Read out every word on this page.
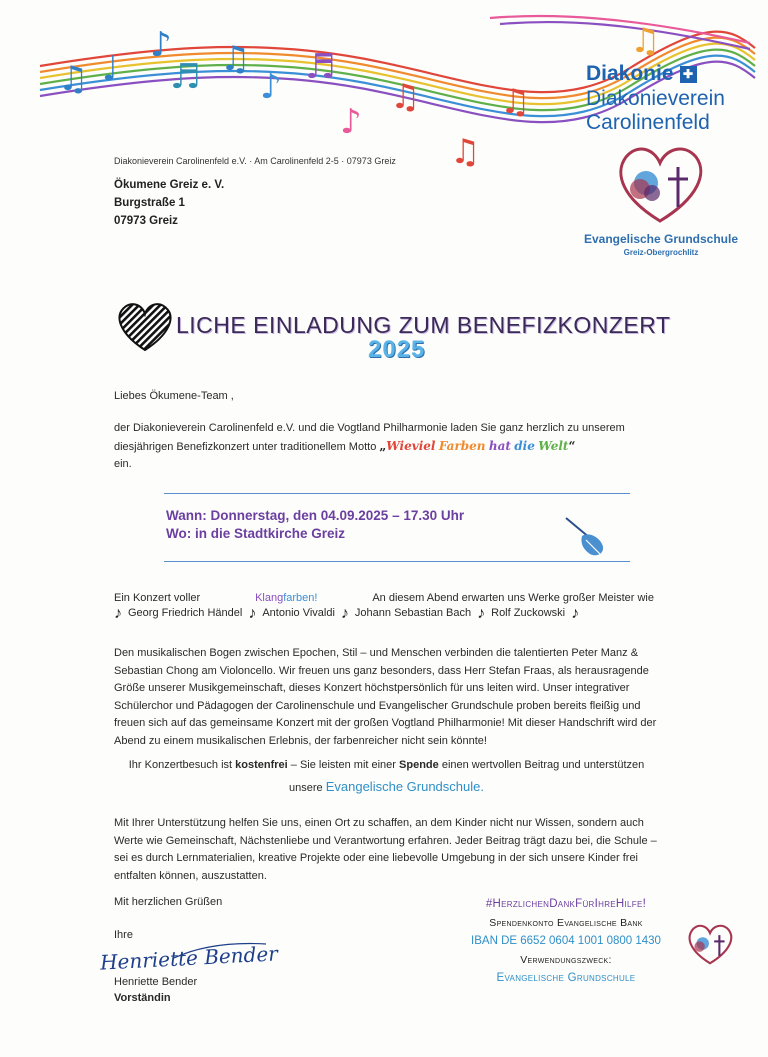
♫ ♩
♪
♬ ♫
♪ ♬
♪
♫
♫
♫
♫
Diakonie ✚
Diakonieverein
Carolinenfeld
Diakonieverein Carolinenfeld e.V. · Am Carolinenfeld 2-5 · 07973 Greiz
Evangelische Grundschule
Greiz-Obergrochlitz
Ökumene Greiz e. V.
Burgstraße 1
07973 Greiz
LICHE EINLADUNG ZUM BENEFIZKONZERT
2025
Liebes Ökumene-Team ,
der Diakonieverein Carolinenfeld e.V. und die Vogtland Philharmonie laden Sie ganz herzlich zu unserem
diesjährigen Benefizkonzert unter traditionellem Motto „Wieviel Farben hat die Welt“
ein.
Wann: Donnerstag, den 04.09.2025 – 17.30 Uhr
Wo: in die Stadtkirche Greiz
Ein Konzert voller	Klangfarben!	An diesem Abend erwarten uns Werke großer Meister wie
♪ Georg Friedrich Händel ♪ Antonio Vivaldi ♪ Johann Sebastian Bach ♪ Rolf Zuckowski ♪
Den musikalischen Bogen zwischen Epochen, Stil – und Menschen verbinden die talentierten Peter Manz & Sebastian Chong am Violoncello. Wir freuen uns ganz besonders, dass Herr Stefan Fraas, als herausragende Größe unserer Musikgemeinschaft, dieses Konzert höchstpersönlich für uns leiten wird. Unser integrativer Schülerchor und Pädagogen der Carolinenschule und Evangelischer Grundschule proben bereits fleißig und freuen sich auf das gemeinsame Konzert mit der großen Vogtland Philharmonie! Mit dieser Handschrift wird der Abend zu einem musikalischen Erlebnis, der farbenreicher nicht sein könnte!
Ihr Konzertbesuch ist kostenfrei – Sie leisten mit einer Spende einen wertvollen Beitrag und unterstützen
unsere Evangelische Grundschule.
Mit Ihrer Unterstützung helfen Sie uns, einen Ort zu schaffen, an dem Kinder nicht nur Wissen, sondern auch Werte wie Gemeinschaft, Nächstenliebe und Verantwortung erfahren. Jeder Beitrag trägt dazu bei, die Schule – sei es durch Lernmaterialien, kreative Projekte oder eine liebevolle Umgebung in der sich unsere Kinder frei entfalten können, auszustatten.
Mit herzlichen Grüßen
Ihre
Henriette Bender
Henriette Bender
Vorständin
#HerzlichenDankFürIhreHilfe!
Spendenkonto Evangelische Bank
IBAN DE 6652 0604 1001 0800 1430
Verwendungszweck:
Evangelische Grundschule
